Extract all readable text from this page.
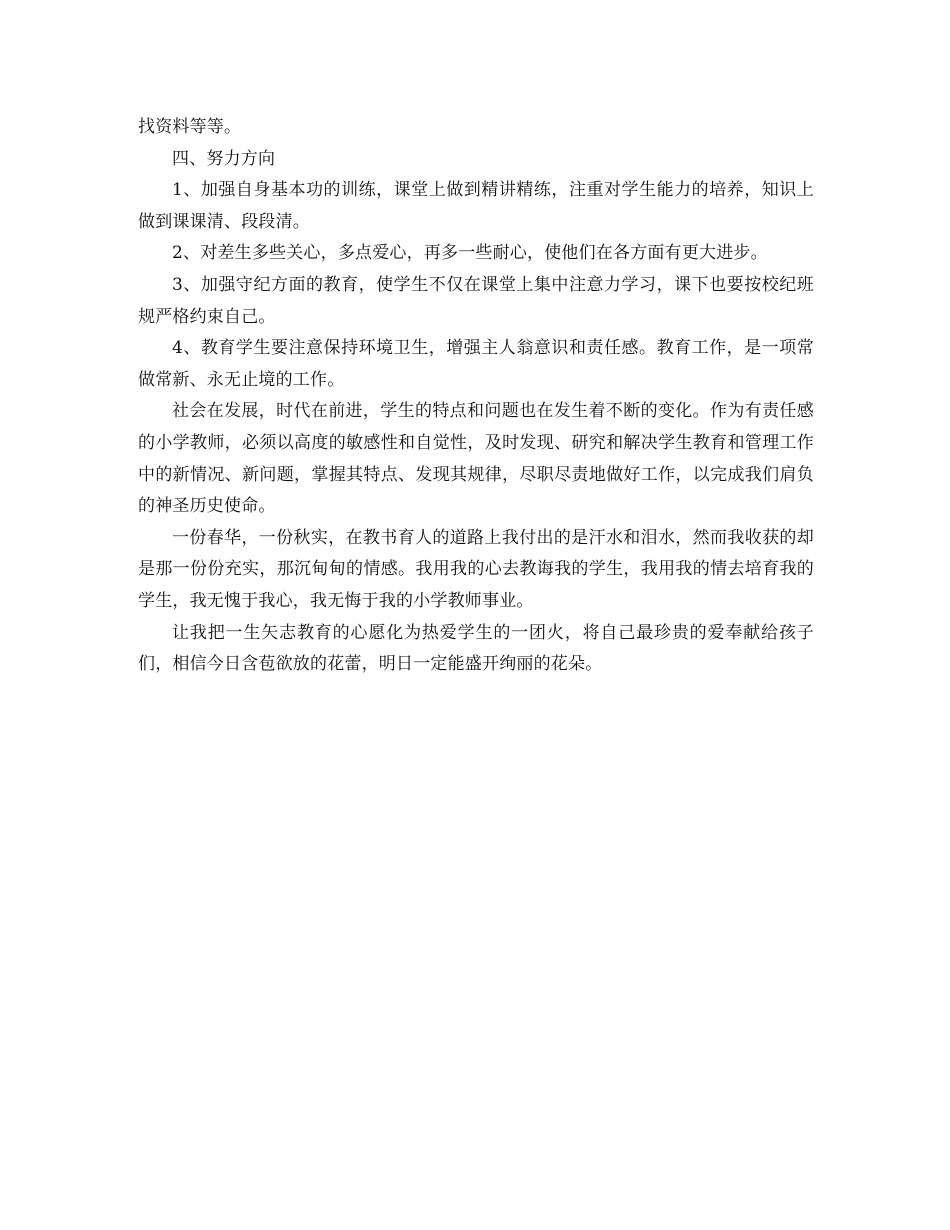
找资料等等。

四、努力方向

1、加强自身基本功的训练，课堂上做到精讲精练，注重对学生能力的培养，知识上做到课课清、段段清。

2、对差生多些关心，多点爱心，再多一些耐心，使他们在各方面有更大进步。

3、加强守纪方面的教育，使学生不仅在课堂上集中注意力学习，课下也要按校纪班规严格约束自己。

4、教育学生要注意保持环境卫生，增强主人翁意识和责任感。教育工作，是一项常做常新、永无止境的工作。

社会在发展，时代在前进，学生的特点和问题也在发生着不断的变化。作为有责任感的小学教师，必须以高度的敏感性和自觉性，及时发现、研究和解决学生教育和管理工作中的新情况、新问题，掌握其特点、发现其规律，尽职尽责地做好工作，以完成我们肩负的神圣历史使命。

一份春华，一份秋实，在教书育人的道路上我付出的是汗水和泪水，然而我收获的却是那一份份充实，那沉甸甸的情感。我用我的心去教诲我的学生，我用我的情去培育我的学生，我无愧于我心，我无悔于我的小学教师事业。

让我把一生矢志教育的心愿化为热爱学生的一团火，将自己最珍贵的爱奉献给孩子们，相信今日含苞欲放的花蕾，明日一定能盛开绚丽的花朵。
